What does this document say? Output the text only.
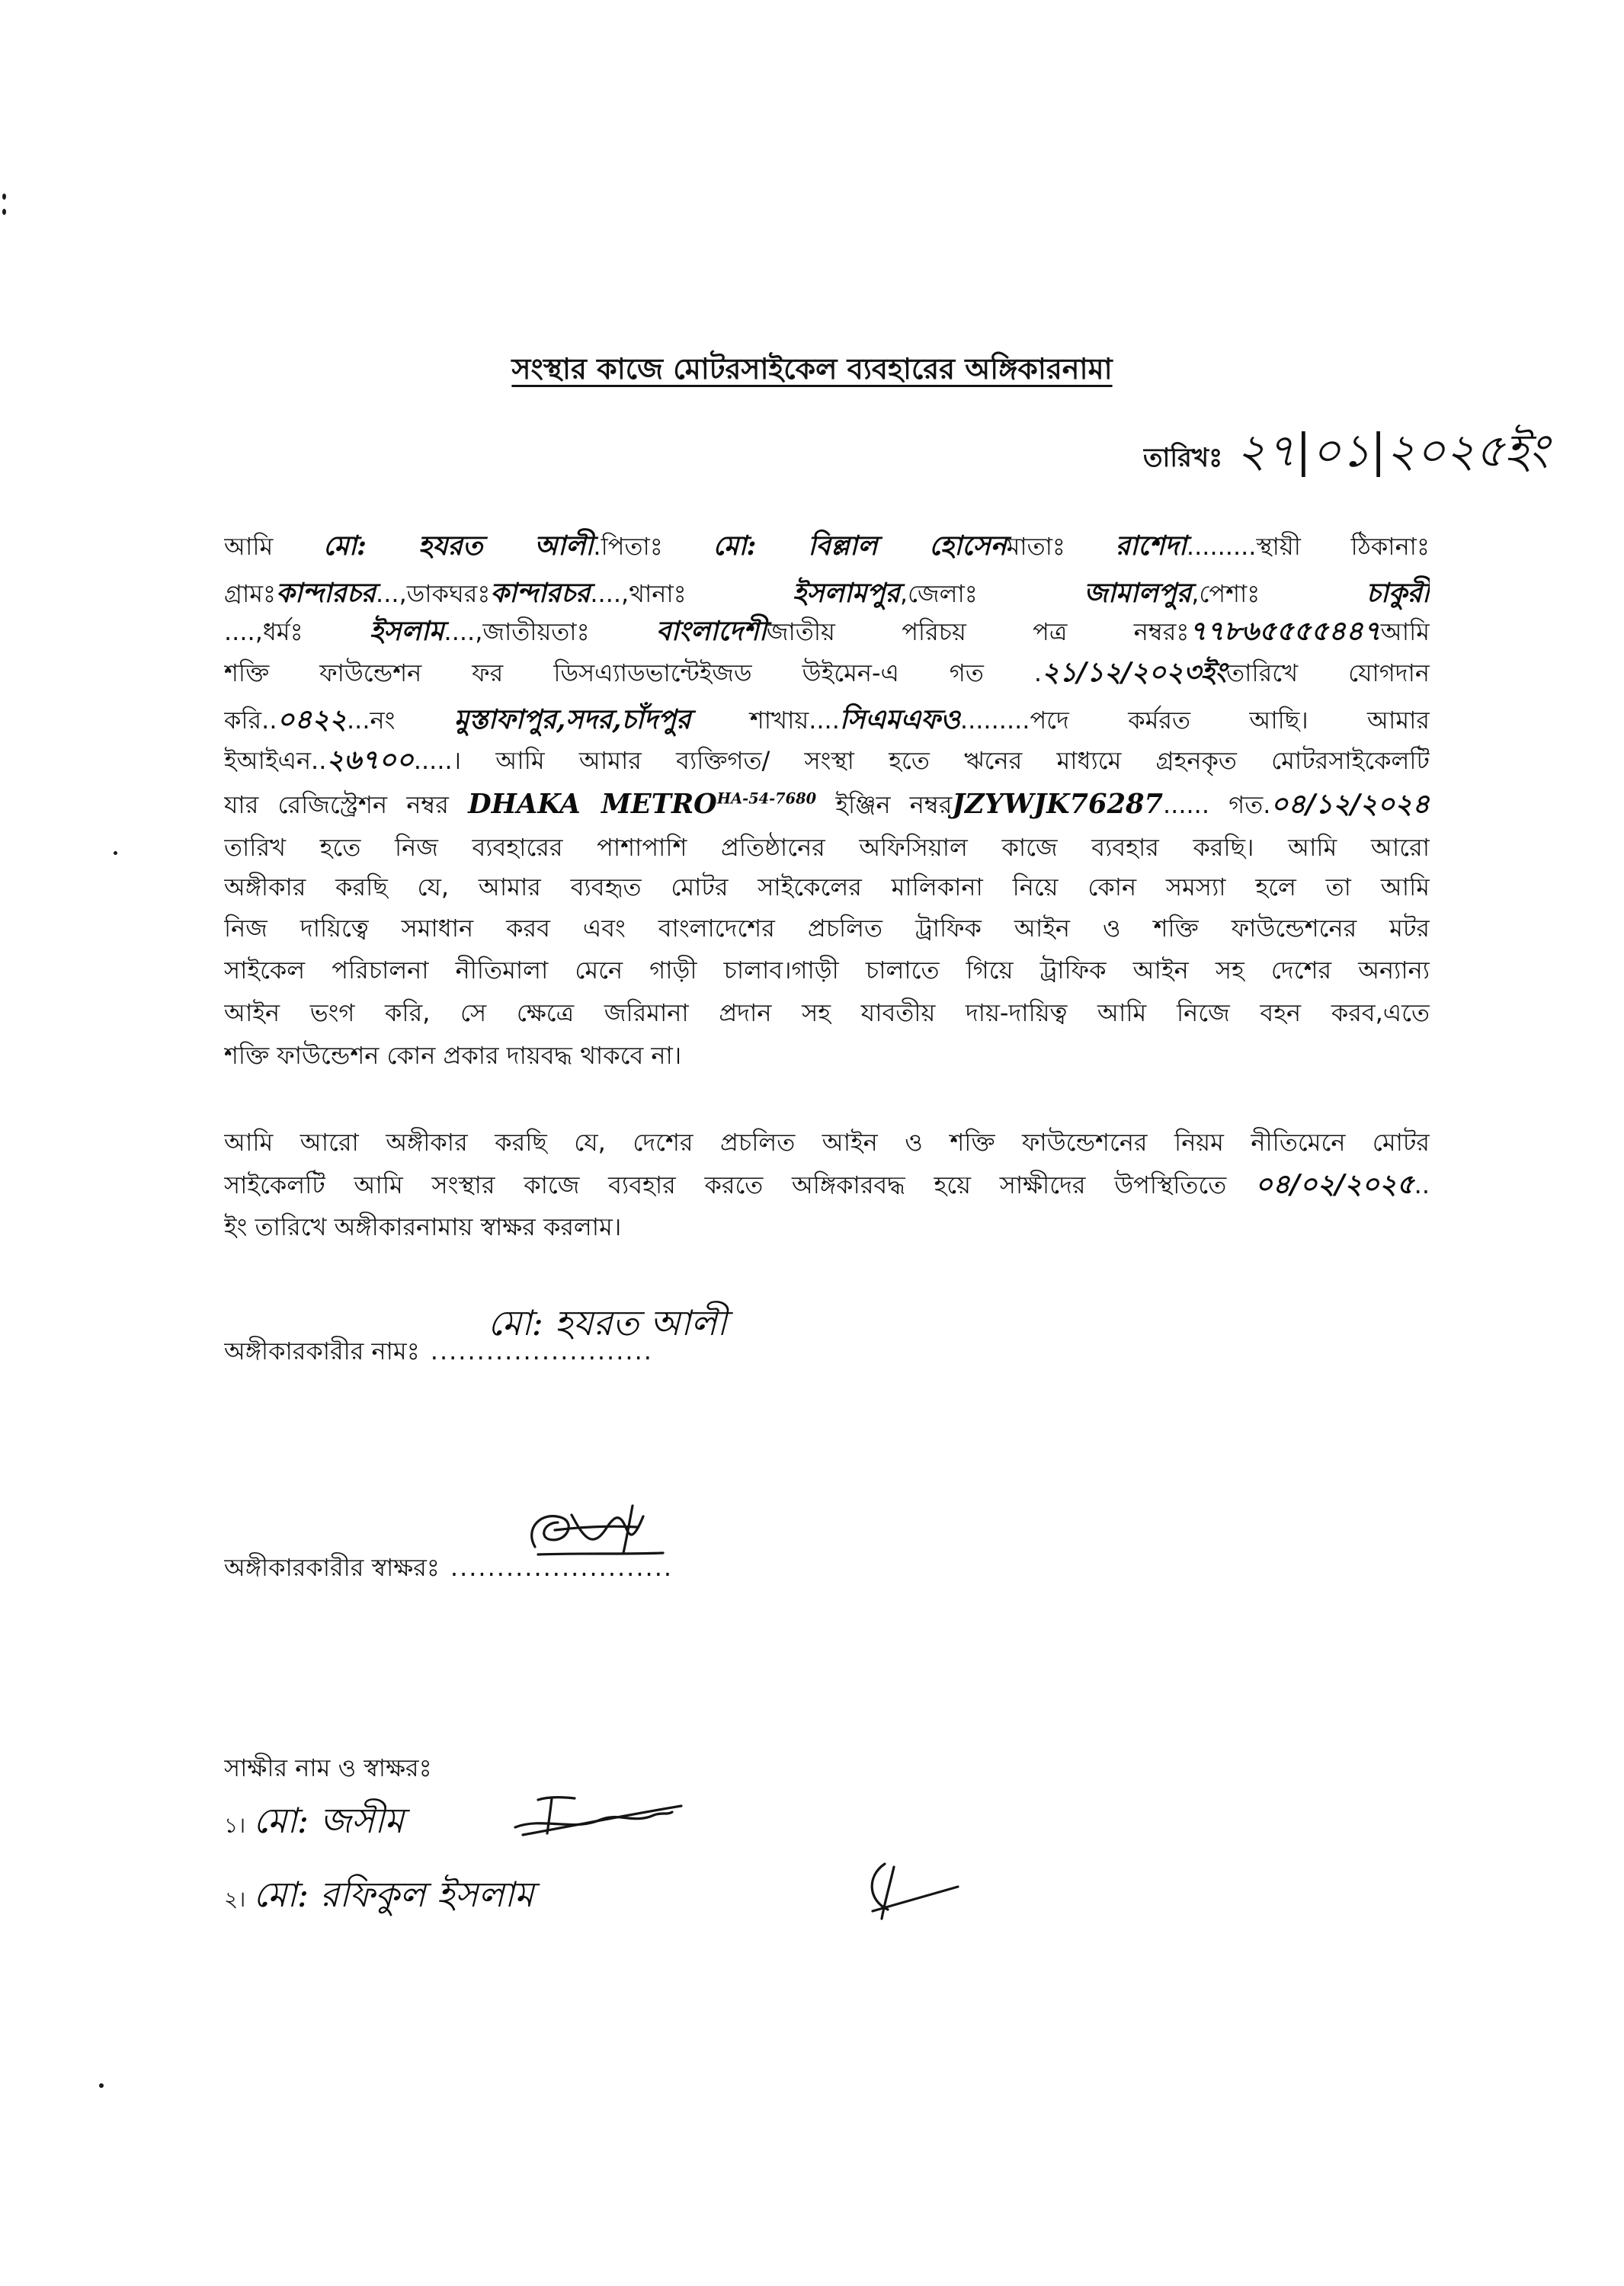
সংস্থার কাজে মোটরসাইকেল ব্যবহারের অঙ্গিকারনামা
তারিখঃ ২৭|০১|২০২৫ইং
আমি মো: হযরত আলী.পিতাঃ মো: বিল্লাল হোসেনমাতাঃ রাশেদা.........স্থায়ী ঠিকানাঃ
গ্রামঃকান্দারচর...,ডাকঘরঃকান্দারচর....,থানাঃ	ইসলামপুর,জেলাঃ	জামালপুর,পেশাঃ	চাকুরী
....,ধর্মঃ ইসলাম....,জাতীয়তাঃ বাংলাদেশীজাতীয় পরিচয় পত্র নম্বরঃ৭৭৮৬৫৫৫৫৪৪৭আমি
শক্তি ফাউন্ডেশন ফর ডিসএ্যাডভান্টেইজড উইমেন-এ গত .২১/১২/২০২৩ইংতারিখে যোগদান
করি..০৪২২...নং মুস্তাফাপুর,সদর,চাঁদপুর শাখায়....সিএমএফও.........পদে কর্মরত আছি। আমার
ইআইএন..২৬৭০০.....। আমি আমার ব্যক্তিগত/ সংস্থা হতে ঋনের মাধ্যমে গ্রহনকৃত মোটরসাইকেলটি
যার রেজিস্ট্রেশন নম্বর DHAKA $METRO^{HA-54-7680}$ ইঞ্জিন নম্বরJZYWJK76287...... গত.০৪/১২/২০২৪
তারিখ হতে নিজ ব্যবহারের পাশাপাশি প্রতিষ্ঠানের অফিসিয়াল কাজে ব্যবহার করছি। আমি আরো
অঙ্গীকার করছি যে, আমার ব্যবহৃত মোটর সাইকেলের মালিকানা নিয়ে কোন সমস্যা হলে তা আমি
নিজ দায়িত্বে সমাধান করব এবং বাংলাদেশের প্রচলিত ট্রাফিক আইন ও শক্তি ফাউন্ডেশনের মটর
সাইকেল পরিচালনা নীতিমালা মেনে গাড়ী চালাব।গাড়ী চালাতে গিয়ে ট্রাফিক আইন সহ দেশের অন্যান্য
আইন ভংগ করি, সে ক্ষেত্রে জরিমানা প্রদান সহ যাবতীয় দায়-দায়িত্ব আমি নিজে বহন করব,এতে
শক্তি ফাউন্ডেশন কোন প্রকার দায়বদ্ধ থাকবে না।
আমি আরো অঙ্গীকার করছি যে, দেশের প্রচলিত আইন ও শক্তি ফাউন্ডেশনের নিয়ম নীতিমেনে মোটর
সাইকেলটি আমি সংস্থার কাজে ব্যবহার করতে অঙ্গিকারবদ্ধ হয়ে সাক্ষীদের উপস্থিতিতে ০৪/০২/২০২৫..
ইং তারিখে অঙ্গীকারনামায় স্বাক্ষর করলাম।
অঙ্গীকারকারীর নামঃ ........................
মো: হযরত আলী
অঙ্গীকারকারীর স্বাক্ষরঃ ........................
সাক্ষীর নাম ও স্বাক্ষরঃ
১। মো: জসীম
২। মো: রফিকুল ইসলাম
